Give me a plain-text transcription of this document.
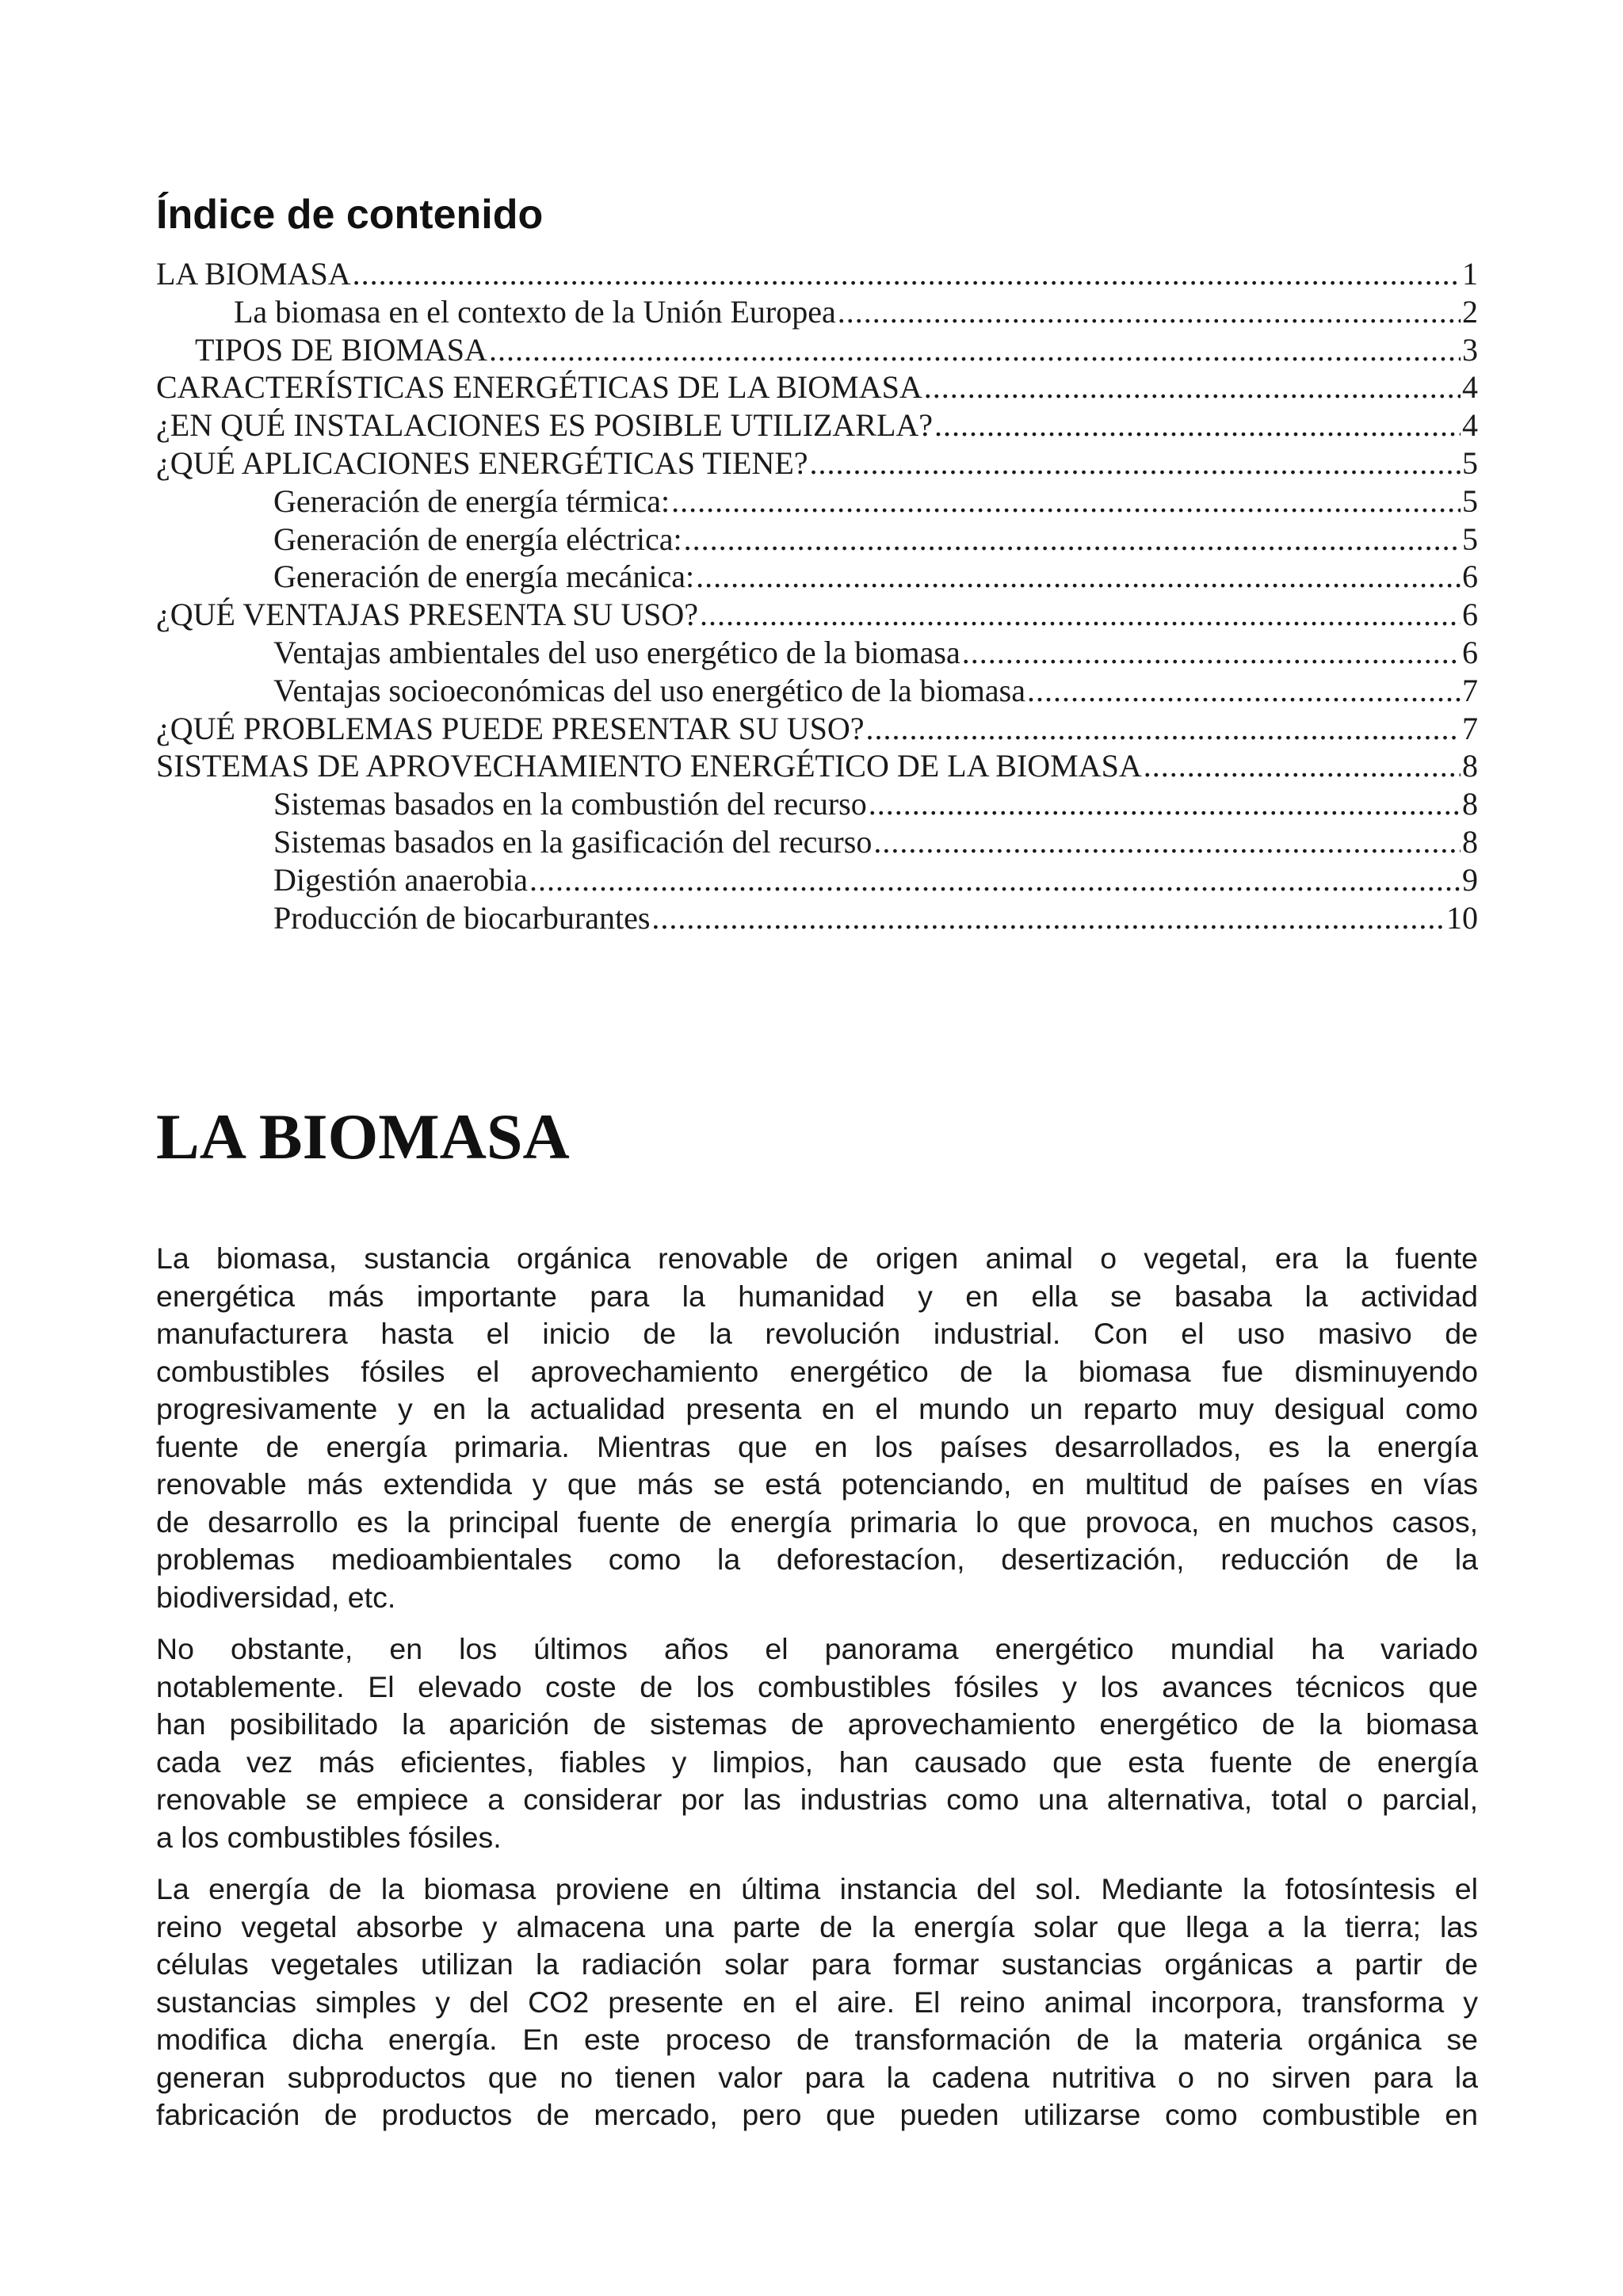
Índice de contenido
LA BIOMASA .....	1
La biomasa en el contexto de la Unión Europea .....	2
TIPOS DE BIOMASA .....	3
CARACTERÍSTICAS ENERGÉTICAS DE LA BIOMASA .....	4
¿EN QUÉ INSTALACIONES ES POSIBLE UTILIZARLA? .....	4
¿QUÉ APLICACIONES ENERGÉTICAS TIENE? .....	5
Generación de energía térmica: .....	5
Generación de energía eléctrica: .....	5
Generación de energía mecánica: .....	6
¿QUÉ VENTAJAS PRESENTA SU USO? .....	6
Ventajas ambientales del uso energético de la biomasa .....	6
Ventajas socioeconómicas del uso energético de la biomasa .....	7
¿QUÉ PROBLEMAS PUEDE PRESENTAR SU USO? .....	7
SISTEMAS DE APROVECHAMIENTO ENERGÉTICO DE LA BIOMASA .....	8
Sistemas basados en la combustión del recurso .....	8
Sistemas basados en la gasificación del recurso .....	8
Digestión anaerobia .....	9
Producción de biocarburantes .....	10
LA BIOMASA
La biomasa, sustancia orgánica renovable de origen animal o vegetal, era la fuente
energética más importante para la humanidad y en ella se basaba la actividad
manufacturera hasta el inicio de la revolución industrial. Con el uso masivo de
combustibles fósiles el aprovechamiento energético de la biomasa fue disminuyendo
progresivamente y en la actualidad presenta en el mundo un reparto muy desigual como
fuente de energía primaria. Mientras que en los países desarrollados, es la energía
renovable más extendida y que más se está potenciando, en multitud de países en vías
de desarrollo es la principal fuente de energía primaria lo que provoca, en muchos casos,
problemas medioambientales como la deforestacíon, desertización, reducción de la
biodiversidad, etc.
No obstante, en los últimos años el panorama energético mundial ha variado
notablemente. El elevado coste de los combustibles fósiles y los avances técnicos que
han posibilitado la aparición de sistemas de aprovechamiento energético de la biomasa
cada vez más eficientes, fiables y limpios, han causado que esta fuente de energía
renovable se empiece a considerar por las industrias como una alternativa, total o parcial,
a los combustibles fósiles.
La energía de la biomasa proviene en última instancia del sol. Mediante la fotosíntesis el
reino vegetal absorbe y almacena una parte de la energía solar que llega a la tierra; las
células vegetales utilizan la radiación solar para formar sustancias orgánicas a partir de
sustancias simples y del CO2 presente en el aire. El reino animal incorpora, transforma y
modifica dicha energía. En este proceso de transformación de la materia orgánica se
generan subproductos que no tienen valor para la cadena nutritiva o no sirven para la
fabricación de productos de mercado, pero que pueden utilizarse como combustible en
